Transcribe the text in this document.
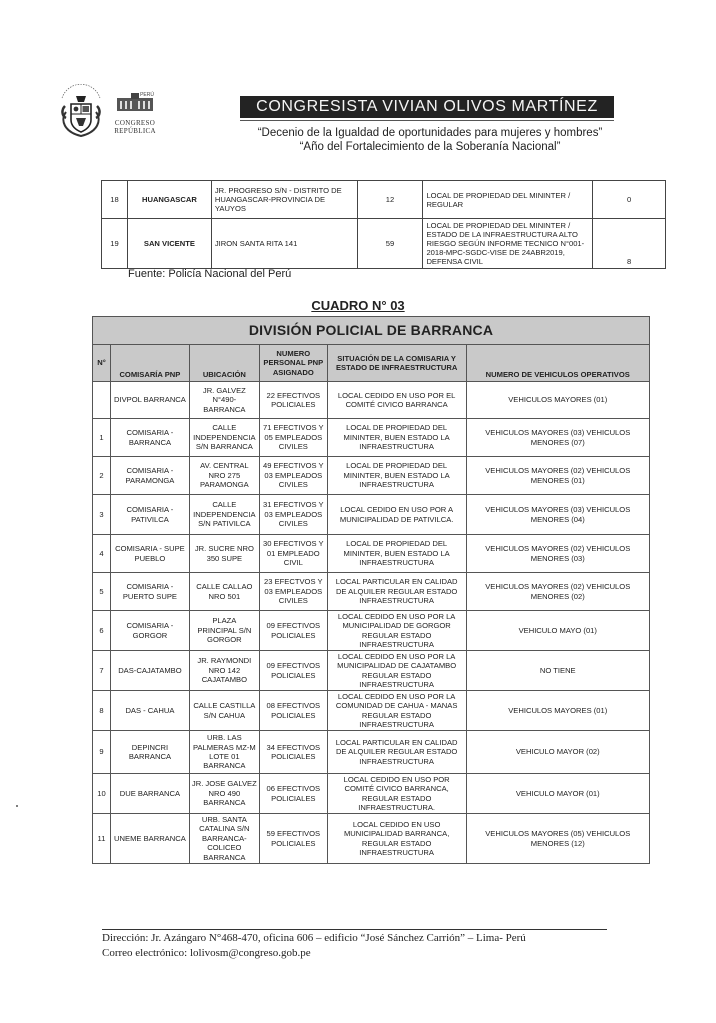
CONGRESO
REPÚBLICA
PERÚ
CONGRESISTA VIVIAN OLIVOS MARTÍNEZ
“Decenio de la Igualdad de oportunidades para mujeres y hombres”
“Año del Fortalecimiento de la Soberanía Nacional”
18	HUANGASCAR	JR. PROGRESO S/N - DISTRITO DE HUANGASCAR-PROVINCIA DE YAUYOS	12	LOCAL DE PROPIEDAD DEL MININTER / REGULAR	0
19	SAN VICENTE	JIRON SANTA RITA 141	59	LOCAL DE PROPIEDAD DEL MININTER / ESTADO DE LA INFRAESTRUCTURA ALTO RIESGO SEGÚN INFORME TECNICO N°001-2018-MPC-SGDC-VISE DE 24ABR2019, DEFENSA CIVIL	8
Fuente: Policía Nacional del Perú
CUADRO N° 03
DIVISIÓN POLICIAL DE BARRANCA					
N°	COMISARÍA PNP	UBICACIÓN	NUMERO PERSONAL PNP ASIGNADO	SITUACIÓN DE LA COMISARIA Y ESTADO DE INFRAESTRUCTURA	NUMERO DE VEHICULOS OPERATIVOS
	DIVPOL BARRANCA	JR. GALVEZ N°490-BARRANCA	22 EFECTIVOS POLICIALES	LOCAL CEDIDO EN USO POR EL COMITÉ CIVICO BARRANCA	VEHICULOS MAYORES (01)
1	COMISARIA - BARRANCA	CALLE INDEPENDENCIA S/N BARRANCA	71 EFECTIVOS Y 05 EMPLEADOS CIVILES	LOCAL DE PROPIEDAD DEL MININTER, BUEN ESTADO LA INFRAESTRUCTURA	VEHICULOS MAYORES (03) VEHICULOS MENORES (07)
2	COMISARIA - PARAMONGA	AV. CENTRAL NRO 275 PARAMONGA	49 EFECTIVOS Y 03 EMPLEADOS CIVILES	LOCAL DE PROPIEDAD DEL MININTER, BUEN ESTADO LA INFRAESTRUCTURA	VEHICULOS MAYORES (02) VEHICULOS MENORES (01)
3	COMISARIA - PATIVILCA	CALLE INDEPENDENCIA S/N PATIVILCA	31 EFECTIVOS Y 03 EMPLEADOS CIVILES	LOCAL CEDIDO EN USO POR A MUNICIPALIDAD DE PATIVILCA.	VEHICULOS MAYORES (03) VEHICULOS MENORES (04)
4	COMISARIA - SUPE PUEBLO	JR. SUCRE NRO 350 SUPE	30 EFECTIVOS Y 01 EMPLEADO CIVIL	LOCAL DE PROPIEDAD DEL MININTER, BUEN ESTADO LA INFRAESTRUCTURA	VEHICULOS MAYORES (02) VEHICULOS MENORES (03)
5	COMISARIA - PUERTO SUPE	CALLE CALLAO NRO 501	23 EFECTVOS Y 03 EMPLEADOS CIVILES	LOCAL PARTICULAR EN CALIDAD DE ALQUILER REGULAR ESTADO INFRAESTRUCTURA	VEHICULOS MAYORES (02) VEHICULOS MENORES (02)
6	COMISARIA - GORGOR	PLAZA PRINCIPAL S/N GORGOR	09 EFECTIVOS POLICIALES	LOCAL CEDIDO EN USO POR LA MUNICIPALIDAD DE GORGOR REGULAR ESTADO INFRAESTRUCTURA	VEHICULO MAYO (01)
7	DAS-CAJATAMBO	JR. RAYMONDI NRO 142 CAJATAMBO	09 EFECTIVOS POLICIALES	LOCAL CEDIDO EN USO POR LA MUNICIPALIDAD DE CAJATAMBO REGULAR ESTADO INFRAESTRUCTURA	NO TIENE
8	DAS - CAHUA	CALLE CASTILLA S/N CAHUA	08 EFECTIVOS POLICIALES	LOCAL CEDIDO EN USO POR LA COMUNIDAD DE CAHUA - MANAS REGULAR ESTADO INFRAESTRUCTURA	VEHICULOS MAYORES (01)
9	DEPINCRI BARRANCA	URB. LAS PALMERAS MZ-M LOTE 01 BARRANCA	34 EFECTIVOS POLICIALES	LOCAL PARTICULAR EN CALIDAD DE ALQUILER REGULAR ESTADO INFRAESTRUCTURA	VEHICULO MAYOR (02)
10	DUE BARRANCA	JR. JOSE GALVEZ NRO 490 BARRANCA	06 EFECTIVOS POLICIALES	LOCAL CEDIDO EN USO POR COMITÉ CIVICO BARRANCA, REGULAR ESTADO INFRAESTRUCTURA.	VEHICULO MAYOR (01)
11	UNEME BARRANCA	URB. SANTA CATALINA S/N BARRANCA-COLICEO BARRANCA	59 EFECTIVOS POLICIALES	LOCAL CEDIDO EN USO MUNICIPALIDAD BARRANCA, REGULAR ESTADO INFRAESTRUCTURA	VEHICULOS MAYORES (05) VEHICULOS MENORES (12)
Dirección: Jr. Azángaro N°468-470, oficina 606 – edificio “José Sánchez Carrión” – Lima- Perú
Correo electrónico: lolivosm@congreso.gob.pe
